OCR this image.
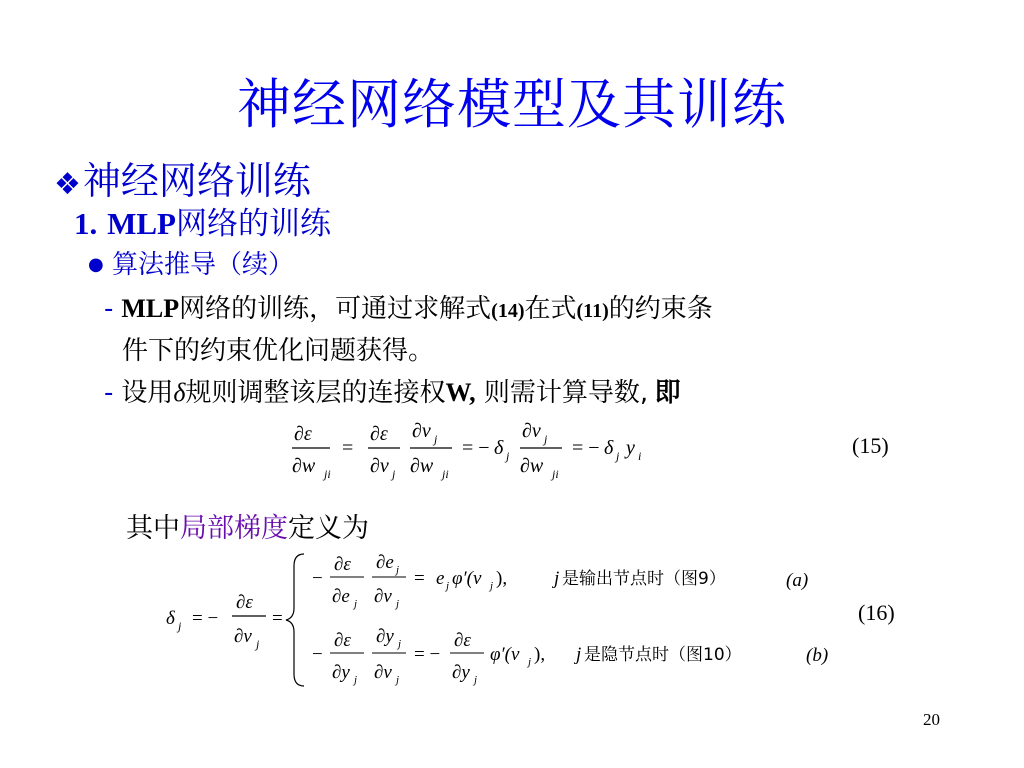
神经网络模型及其训练
❖神经网络训练
1. MLP网络的训练
● 算法推导（续）
- MLP网络的训练，可通过求解式(14)在式(11)的约束条
件下的约束优化问题获得。
- 设用δ规则调整该层的连接权W, 则需计算导数, 即
∂ε
∂w ji
=
∂ε
∂v j
∂v j
∂w ji
= − δ j
∂v j
∂w ji
= − δ j y i	(15)
其中局部梯度定义为
δ j = −
∂ε
∂v j
=
−
∂ε
∂e j
∂e j
∂v j
= e j φ′(v j ), j 是输出节点时（图9）
−
∂ε
∂y j
∂y j
∂v j
= −
∂ε
∂y j
φ′(v j ), j 是隐节点时（图10）
(a)
(b)
(16)
20
